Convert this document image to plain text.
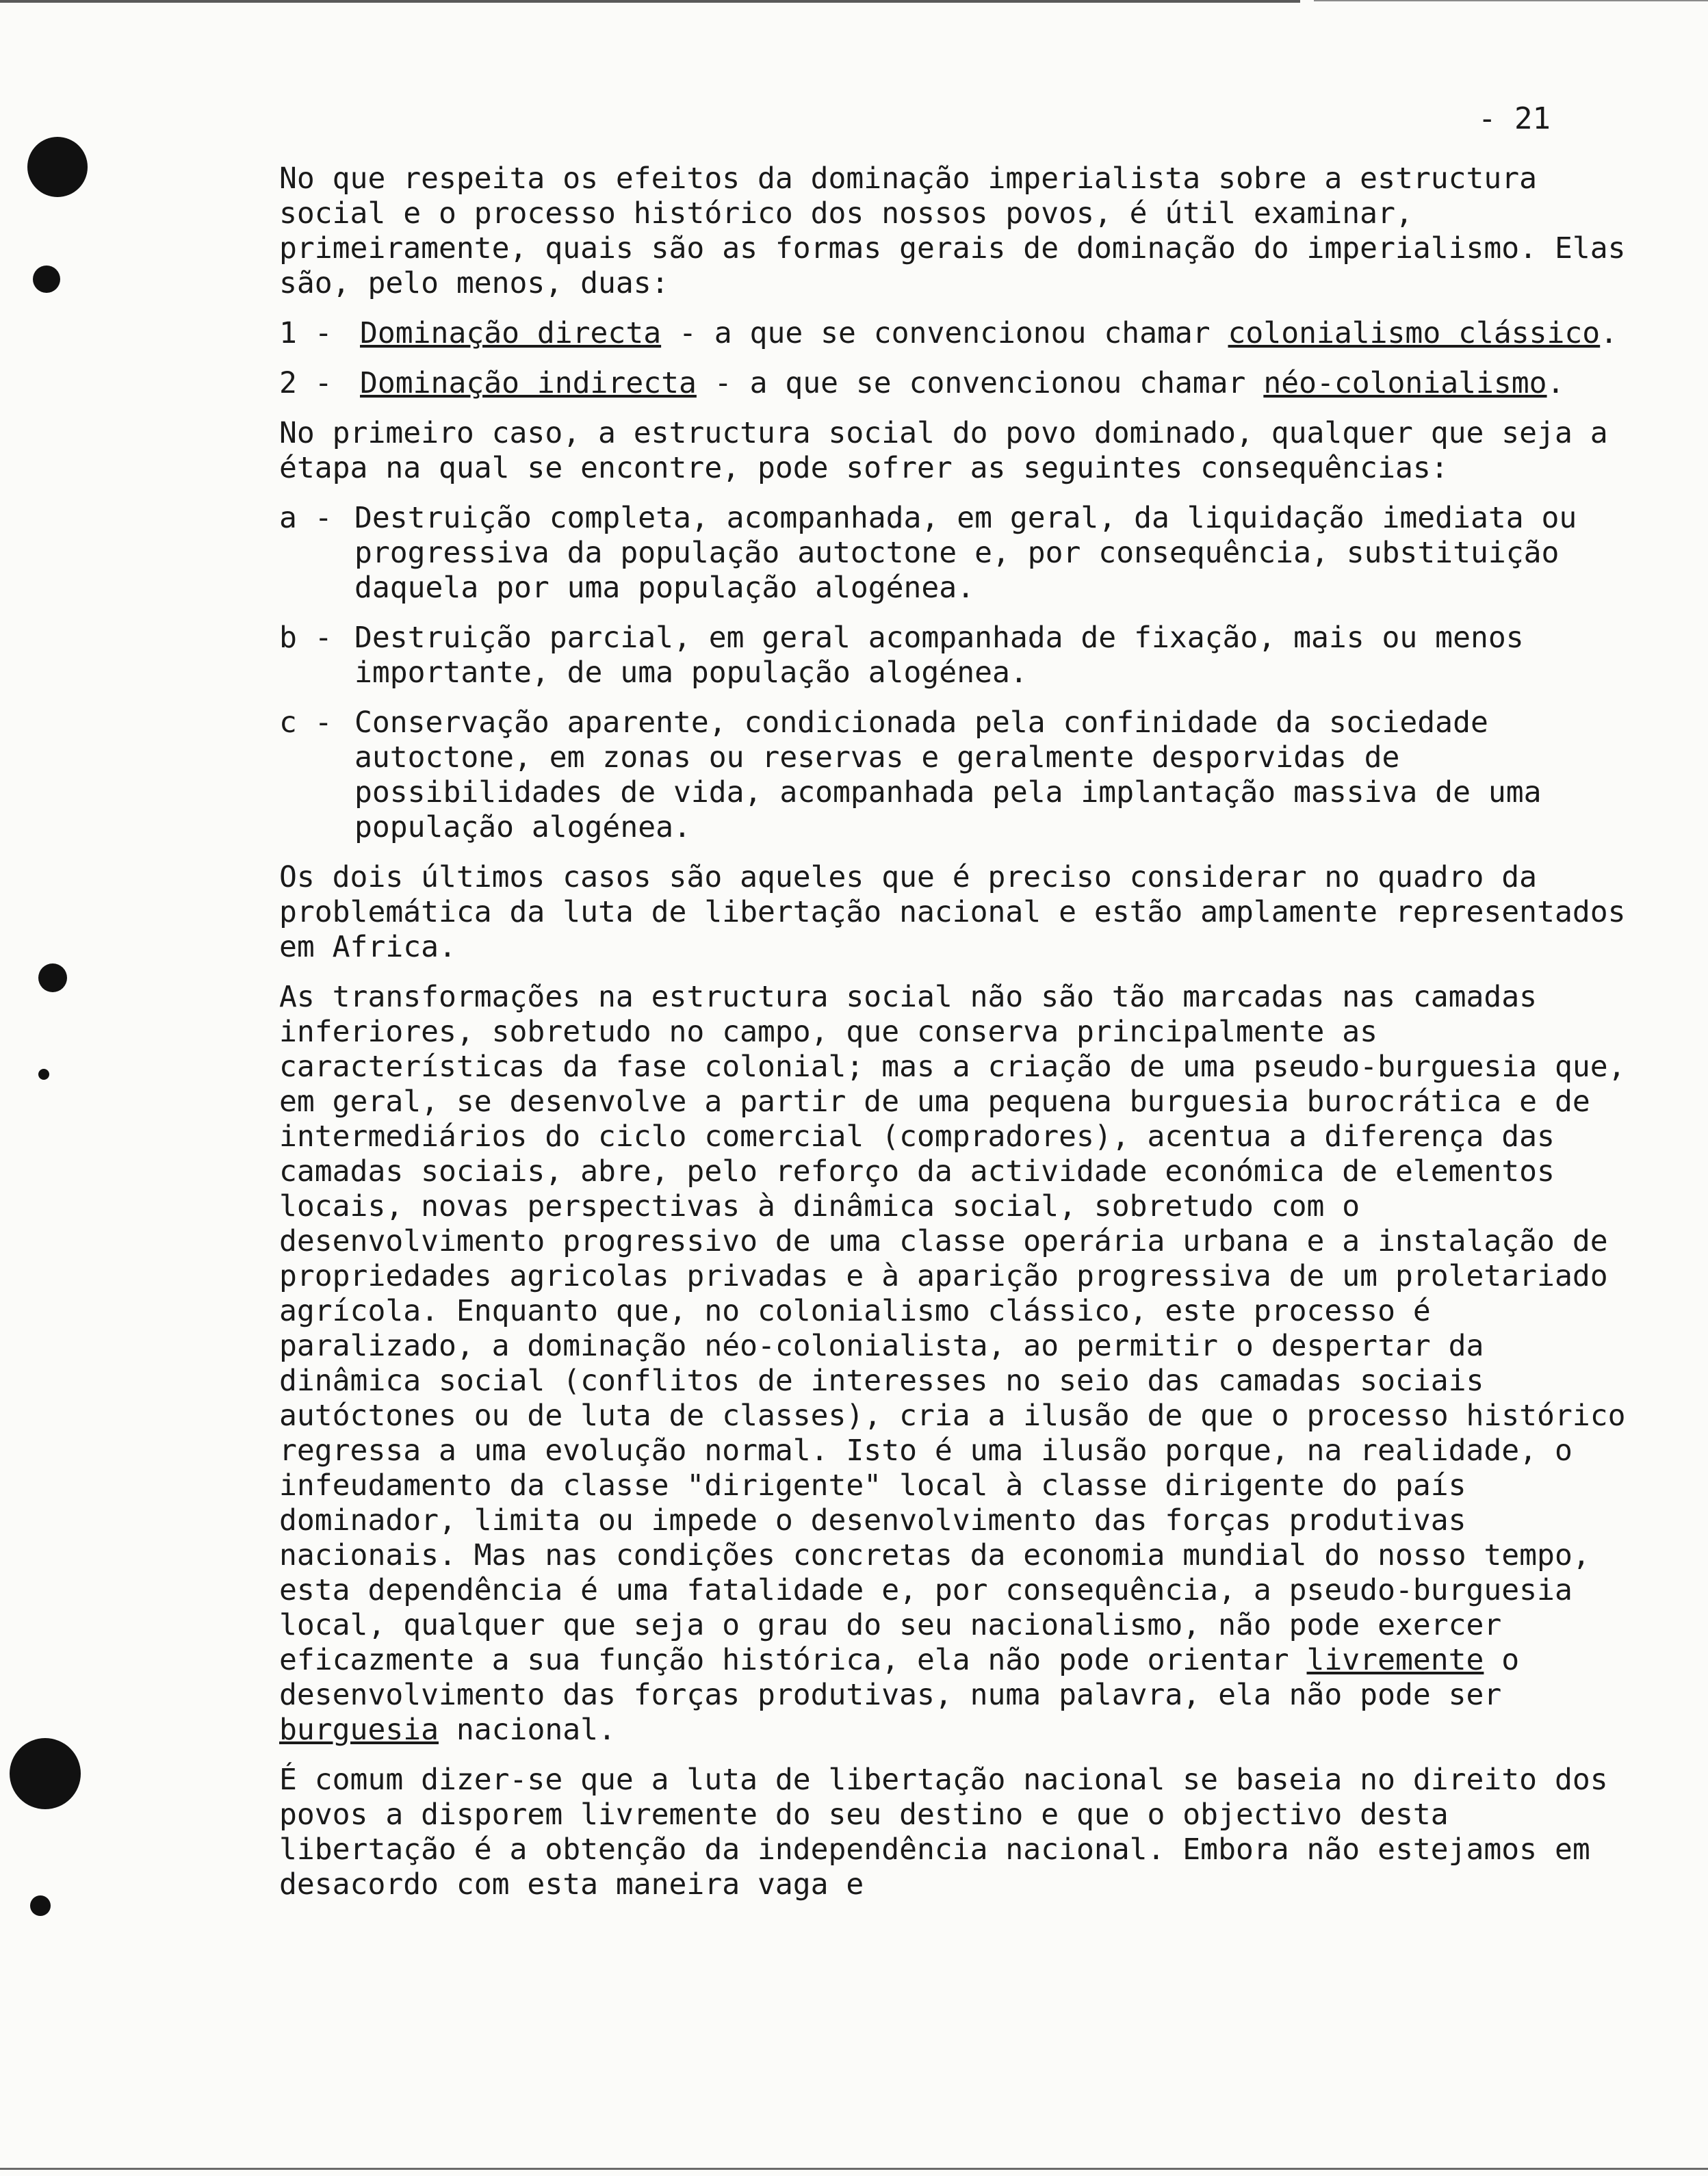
- 21

No que respeita os efeitos da dominação imperialista sobre a estructura social e o processo histórico dos nossos povos, é útil examinar, primeiramente, quais são as formas gerais de dominação do imperialismo. Elas são, pelo menos, duas:

1 - Dominação directa - a que se convencionou chamar colonialismo clássico.
2 - Dominação indirecta - a que se convencionou chamar néo-colonialismo.

No primeiro caso, a estructura social do povo dominado, qualquer que seja a étapa na qual se encontre, pode sofrer as seguintes consequências:

a - Destruição completa, acompanhada, em geral, da liquidação imediata ou progressiva da população autoctone e, por consequência, substituição daquela por uma população alogénea.
b - Destruição parcial, em geral acompanhada de fixação, mais ou menos importante, de uma população alogénea.
c - Conservação aparente, condicionada pela confinidade da sociedade autoctone, em zonas ou reservas e geralmente desporvidas de possibilidades de vida, acompanhada pela implantação massiva de uma população alogénea.

Os dois últimos casos são aqueles que é preciso considerar no quadro da problemática da luta de libertação nacional e estão amplamente representados em Africa.

As transformações na estructura social não são tão marcadas nas camadas inferiores, sobretudo no campo, que conserva principalmente as características da fase colonial; mas a criação de uma pseudo-burguesia que, em geral, se desenvolve a partir de uma pequena burguesia burocrática e de intermediários do ciclo comercial (compradores), acentua a diferença das camadas sociais, abre, pelo reforço da actividade económica de elementos locais, novas perspectivas à dinâmica social, sobretudo com o desenvolvimento progressivo de uma classe operária urbana e a instalação de propriedades agricolas privadas e à aparição progressiva de um proletariado agrícola. Enquanto que, no colonialismo clássico, este processo é paralizado, a dominação néo-colonialista, ao permitir o despertar da dinâmica social (conflitos de interesses no seio das camadas sociais autóctones ou de luta de classes), cria a ilusão de que o processo histórico regressa a uma evolução normal. Isto é uma ilusão porque, na realidade, o infeudamento da classe "dirigente" local à classe dirigente do país dominador, limita ou impede o desenvolvimento das forças produtivas nacionais. Mas nas condições concretas da economia mundial do nosso tempo, esta dependência é uma fatalidade e, por consequência, a pseudo-burguesia local, qualquer que seja o grau do seu nacionalismo, não pode exercer eficazmente a sua função histórica, ela não pode orientar livremente o desenvolvimento das forças produtivas, numa palavra, ela não pode ser burguesia nacional.

É comum dizer-se que a luta de libertação nacional se baseia no direito dos povos a disporem livremente do seu destino e que o objectivo desta libertação é a obtenção da independência nacional. Embora não estejamos em desacordo com esta maneira vaga e
